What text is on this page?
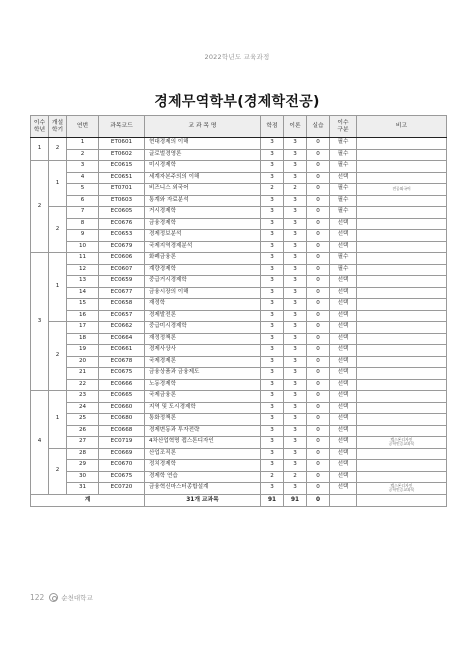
2022학년도 교육과정
경제무역학부(경제학전공)
이수
학년	개설
학기	연번	과목코드	교 과 목 명	학점	이론	실습	이수
구분	비고
1	2	1	ET0601	현대경제의 이해	3	3	0	필수	
		2	ET0602	글로벌경영론	3	3	0	필수	
2	1	3	EC0615	미시경제학	3	3	0	필수	
		4	EC0651	세계자본주의의 이해	3	3	0	선택	
		5	ET0701	비즈니스 외국어	2	2	0	필수	전공외국어
		6	ET0603	통계와 자료분석	3	3	0	필수	
	2	7	EC0605	거시경제학	3	3	0	필수	
		8	EC0676	금융경제학	3	3	0	선택	
		9	EC0653	경제정보분석	3	3	0	선택	
		10	EC0679	국제지역경제분석	3	3	0	선택	
3	1	11	EC0606	화폐금융론	3	3	0	필수	
		12	EC0607	계량경제학	3	3	0	필수	
		13	EC0659	중급거시경제학	3	3	0	선택	
		14	EC0677	금융시장의 이해	3	3	0	선택	
		15	EC0658	재정학	3	3	0	선택	
		16	EC0657	경제발전론	3	3	0	선택	
	2	17	EC0662	중급미시경제학	3	3	0	선택	
		18	EC0664	재정정책론	3	3	0	선택	
		19	EC0661	경제사상사	3	3	0	선택	
		20	EC0678	국제경제론	3	3	0	선택	
		21	EC0675	금융상품과 금융제도	3	3	0	선택	
		22	EC0666	노동경제학	3	3	0	선택	
4	1	23	EC0665	국제금융론	3	3	0	선택	
		24	EC0660	지역 및 도시경제학	3	3	0	선택	
		25	EC0680	통화정책론	3	3	0	선택	
		26	EC0668	경제변동과 투자전략	3	3	0	선택	
		27	EC0719	4차산업혁명 캡스톤디자인	3	3	0	선택	캡스톤디자인
공학인증교과목
	2	28	EC0669	산업조직론	3	3	0	선택	
		29	EC0670	정치경제학	3	3	0	선택	
		30	EC0675	경제학 연습	2	2	0	선택	
		31	EC0720	금융혁신마스터종합설계	3	3	0	선택	캡스톤디자인
공학인증교과목
계				31개 교과목	91	91	0		
122	순천대학교
